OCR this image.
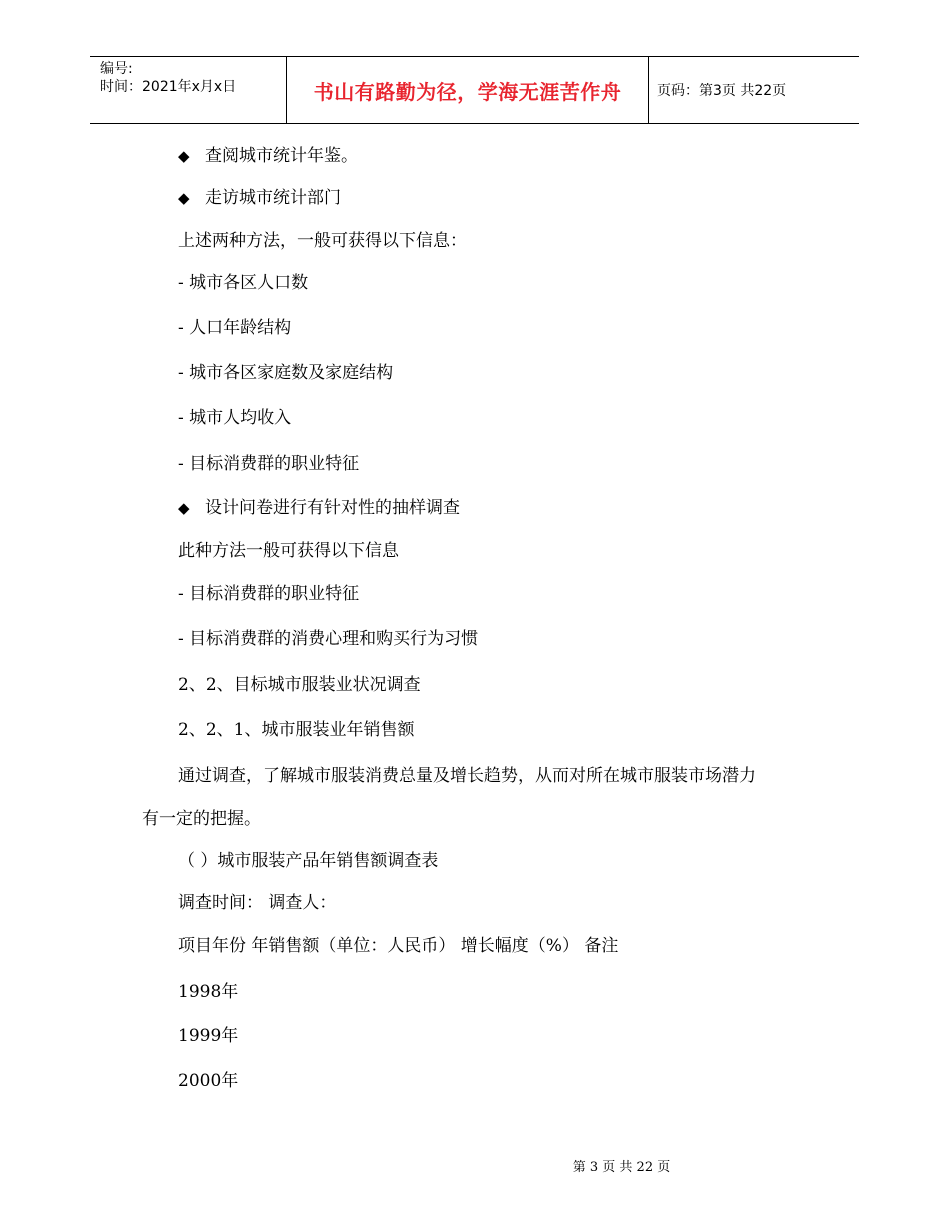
编号:
时间：2021年x月x日	书山有路勤为径，学海无涯苦作舟	页码：第3页 共22页
◆ 查阅城市统计年鉴。
◆ 走访城市统计部门
上述两种方法，一般可获得以下信息：
- 城市各区人口数
- 人口年龄结构
- 城市各区家庭数及家庭结构
- 城市人均收入
- 目标消费群的职业特征
◆ 设计问卷进行有针对性的抽样调查
此种方法一般可获得以下信息
- 目标消费群的职业特征
- 目标消费群的消费心理和购买行为习惯
2、2、目标城市服装业状况调查
2、2、1、城市服装业年销售额
通过调查，了解城市服装消费总量及增长趋势，从而对所在城市服装市场潜力
有一定的把握。
（ ）城市服装产品年销售额调查表
调查时间： 调查人：
项目年份 年销售额（单位：人民币） 增长幅度（%） 备注
1998年
1999年
2000年
第 3 页 共 22 页
